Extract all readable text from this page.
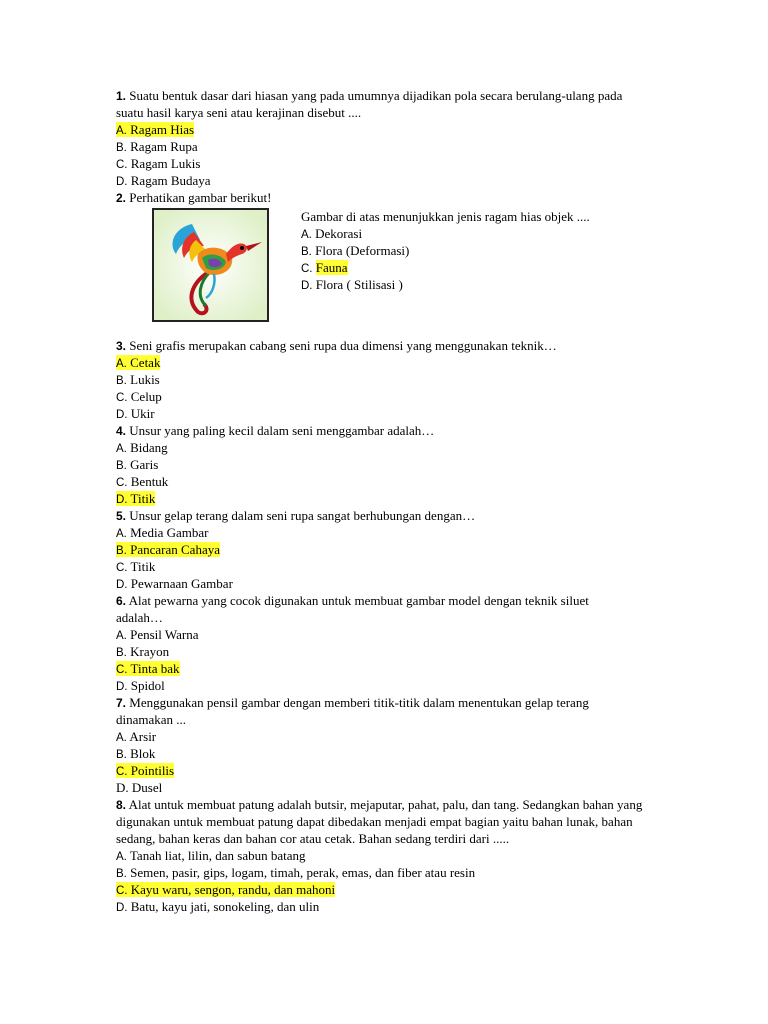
1. Suatu bentuk dasar dari hiasan yang pada umumnya dijadikan pola secara berulang-ulang pada
suatu hasil karya seni atau kerajinan disebut ....
A. Ragam Hias
B. Ragam Rupa
C. Ragam Lukis
D. Ragam Budaya
2. Perhatikan gambar berikut!
Gambar di atas menunjukkan jenis ragam hias objek ....
A. Dekorasi
B. Flora (Deformasi)
C. Fauna
D. Flora ( Stilisasi )
3. Seni grafis merupakan cabang seni rupa dua dimensi yang menggunakan teknik…
A. Cetak
B. Lukis
C. Celup
D. Ukir
4. Unsur yang paling kecil dalam seni menggambar adalah…
A. Bidang
B. Garis
C. Bentuk
D. Titik
5. Unsur gelap terang dalam seni rupa sangat berhubungan dengan…
A. Media Gambar
B. Pancaran Cahaya
C. Titik
D. Pewarnaan Gambar
6. Alat pewarna yang cocok digunakan untuk membuat gambar model dengan teknik siluet
adalah…
A. Pensil Warna
B. Krayon
C. Tinta bak
D. Spidol
7. Menggunakan pensil gambar dengan memberi titik-titik dalam menentukan gelap terang
dinamakan ...
A. Arsir
B. Blok
C. Pointilis
D. Dusel
8. Alat untuk membuat patung adalah butsir, mejaputar, pahat, palu, dan tang. Sedangkan bahan yang
digunakan untuk membuat patung dapat dibedakan menjadi empat bagian yaitu bahan lunak, bahan
sedang, bahan keras dan bahan cor atau cetak. Bahan sedang terdiri dari .....
A. Tanah liat, lilin, dan sabun batang
B. Semen, pasir, gips, logam, timah, perak, emas, dan fiber atau resin
C. Kayu waru, sengon, randu, dan mahoni
D. Batu, kayu jati, sonokeling, dan ulin
